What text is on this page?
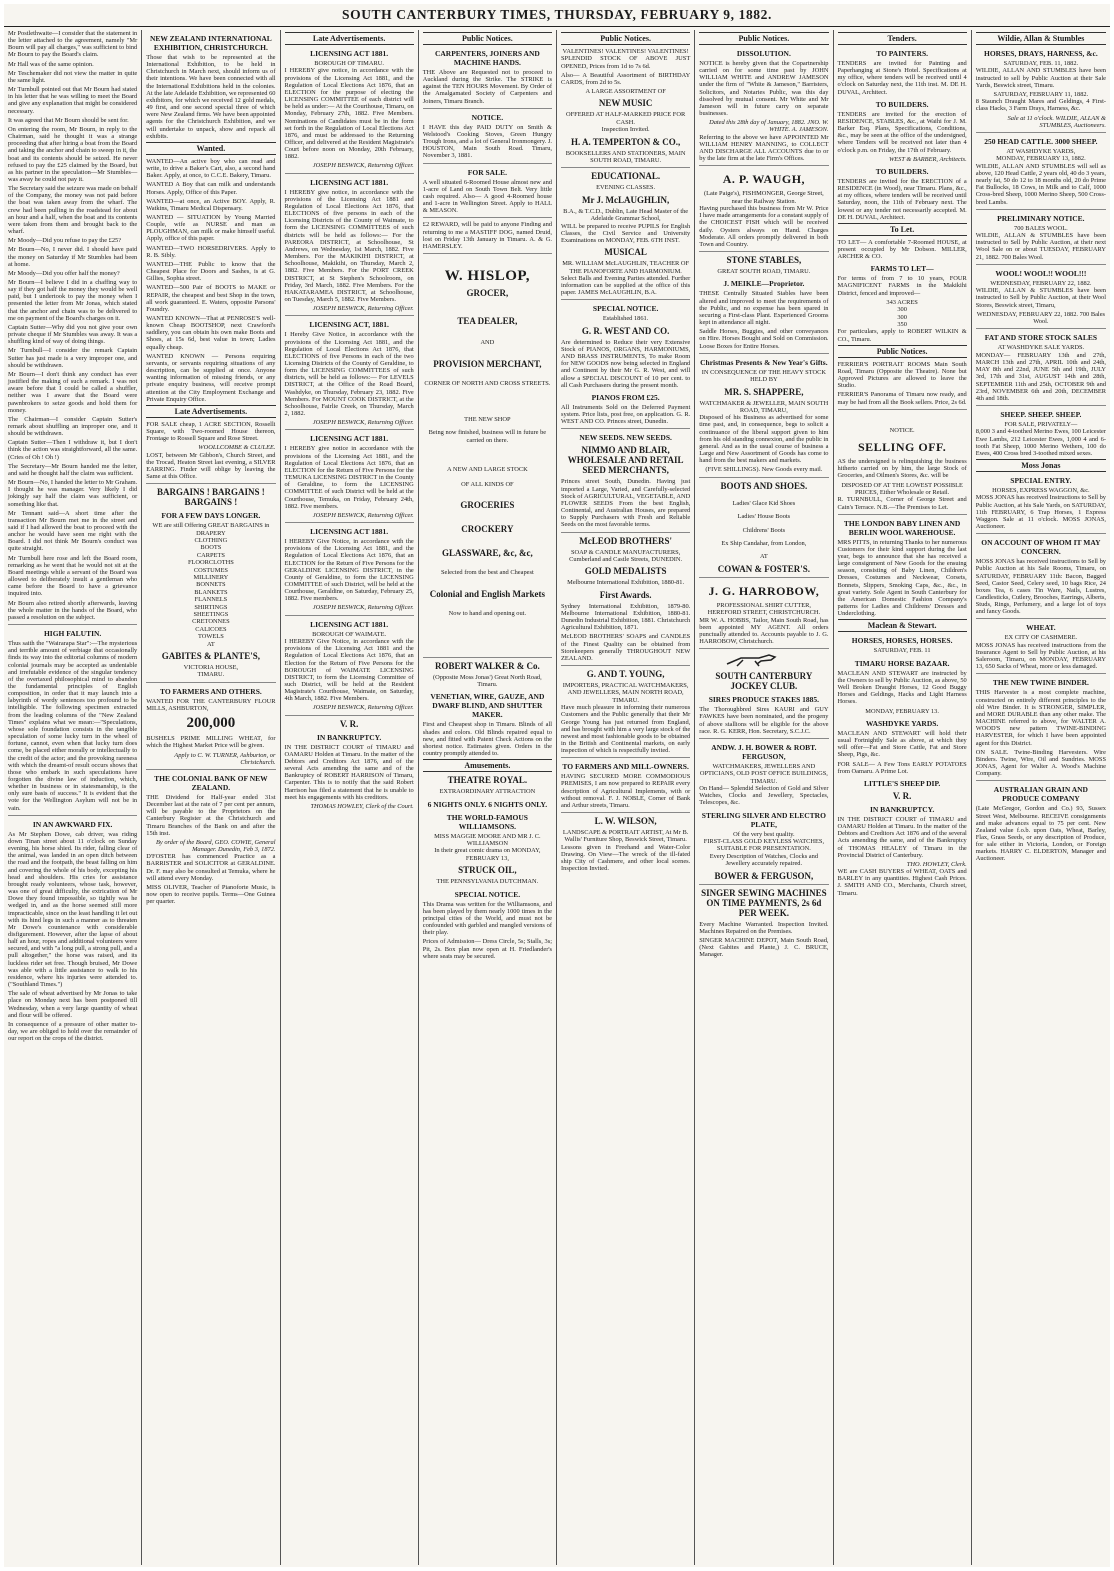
SOUTH CANTERBURY TIMES, THURSDAY, FEBRUARY 9, 1882.

Mr Postlethwaite—I consider that the statement in the letter attached to the agreement, namely "Mr Bourn will pay all charges," was sufficient to bind Mr Bourn to pay the Board's claim.

Mr Hall was of the same opinion.

Mr Teschemaker did not view the matter in quite the same light.

Mr Turnbull pointed out that Mr Bourn had stated in his letter that he was willing to meet the Board and give any explanation that might be considered necessary.

It was agreed that Mr Bourn should be sent for.

On entering the room, Mr Bourn, in reply to the Chairman, said he thought it was a strange proceeding that after hiring a boat from the Board and taking the anchor and chain to sweep in it, the boat and its contents should be seized. He never refused to pay the £25 claimed by the Board, but as his partner in the speculation—Mr Stumbles—was away he could not pay it.

The Secretary said the seizure was made on behalf of the Company, the money was not paid before the boat was taken away from the wharf. The crew had been pulling in the roadstead for about an hour and a half, when the boat and its contents were taken from them and brought back to the wharf.

Mr Moody—Did you refuse to pay the £25?

Mr Bourn—No, I never did. I should have paid the money on Saturday if Mr Stumbles had been at home.

Mr Moody—Did you offer half the money?

Mr Bourn—I believe I did in a chaffing way to say if they got half the money they would be well paid, but I undertook to pay the money when I presented the letter from Mr Jonas, which stated that the anchor and chain was to be delivered to me on payment of the Board's charges on it.

Captain Sutter—Why did you not give your own private cheque if Mr Stumbles was away. It was a shuffling kind of way of doing things.

Mr Turnbull—I consider the remark Captain Sutter has just made is a very improper one, and should be withdrawn.

Mr Bourn—I don't think any conduct has ever justified the making of such a remark. I was not aware before that I could be called a shuffler, neither was I aware that the Board were pawnbrokers to seize goods and hold them for money.

The Chairman—I consider Captain Sutter's remark about shuffling an improper one, and it should be withdrawn.

Captain Sutter—Then I withdraw it, but I don't think the action was straightforward, all the same. (Cries of Oh ! Oh !)

The Secretary—Mr Bourn handed me the letter, and said he thought half the claim was sufficient.

Mr Bourn—No, I handed the letter to Mr Graham. I thought he was manager. Very likely I did jokingly say half the claim was sufficient, or something like that.

Mr Tennant said—A short time after the transaction Mr Bourn met me in the street and said if I had allowed the boat to proceed with the anchor he would have seen me right with the Board. I did not think Mr Bourn's conduct was quite straight.

Mr Turnbull here rose and left the Board room, remarking as he went that he would not sit at the Board meetings while a servant of the Board was allowed to deliberately insult a gentleman who came before the Board to have a grievance inquired into.

Mr Bourn also retired shortly afterwards, leaving the whole matter in the hands of the Board, who passed a resolution on the subject.

HIGH FALUTIN.

Thus saith the "Wairarapa Star":—The mysterious and terrible amount of verbiage that occasionally finds its way into the editorial columns of modern colonial journals may be accepted as undeniable and irrefutable evidence of the singular tendency of the overtaxed philosophical mind to abandon the fundamental principles of English composition, in order that it may launch into a labyrinth of wordy sentences too profound to be intelligible. The following specimen extracted from the leading columns of the "New Zealand Times" explains what we mean:—"Speculations, whose sole foundation consists in the tangible speculation of some lucky turn in the wheel of fortune, cannot, even when that lucky turn does come, be placed either morally or intellectually to the credit of the actor; and the provoking rareness with which the dreamt-of result occurs shows that those who embark in such speculations have forgotten the divine law of induction, which, whether in business or in statesmanship, is the only sure basis of success." It is evident that the vote for the Wellington Asylum will not be in vain.

IN AN AWKWARD FIX.

As Mr Stephen Dowe, cab driver, was riding down Tinan street about 11 o'clock on Sunday evening, his horse shied. Its rider, falling clear of the animal, was landed in an open ditch between the road and the footpath, the beast falling on him and covering the whole of his body, excepting his head and shoulders. His cries for assistance brought ready volunteers, whose task, however, was one of great difficulty, the extrication of Mr Dowe they found impossible, so tightly was he wedged in, and as the horse seemed still more impracticable, since on the least handling it let out with its hind legs in such a manner as to threaten Mr Dowe's countenance with considerable disfigurement. However, after the lapse of about half an hour, ropes and additional volunteers were secured, and with "a long pull, a strong pull, and a pull altogether," the horse was raised, and its luckless rider set free. Though bruised, Mr Dowe was able with a little assistance to walk to his residence, where his injuries were attended to. ("Southland Times.")

The sale of wheat advertised by Mr Jonas to take place on Monday next has been postponed till Wednesday, when a very large quantity of wheat and flour will be offered.

In consequence of a pressure of other matter to-day, we are obliged to hold over the remainder of our report on the crops of the district.

NEW ZEALAND INTERNATIONAL EXHIBITION, CHRISTCHURCH.

Those that wish to be represented at the International Exhibition, to be held in Christchurch in March next, should inform us of their intentions. We have been connected with all the International Exhibitions held in the colonies. At the late Adelaide Exhibition, we represented 60 exhibitors, for which we received 12 gold medals, 49 first, and one second special three of which were New Zealand firms. We have been appointed agents for the Christchurch Exhibition, and we will undertake to unpack, show and repack all exhibits.

Wanted.

WANTED—An active boy who can read and write, to drive a Baker's Cart, also, a second hand Baker. Apply, at once, to C.C.E. Bakery, Timaru.

WANTED A Boy that can milk and understands Horses. Apply, Office of this Paper.

WANTED—at once, an Active BOY. Apply, R. Watkins, Timaru Medical Dispensary.

WANTED — SITUATION by Young Married Couple, wife as NURSE and man as PLOUGHMAN, can milk or make himself useful. Apply, office of this paper.

WANTED—TWO HORSEDRIVERS. Apply to R. B. Sibly.

WANTED—THE Public to know that the Cheapest Place for Doors and Sashes, is at G. Gillies, Sophia street.

WANTED—500 Pair of BOOTS to MAKE or REPAIR, the cheapest and best Shop in the town, all work guaranteed. E. Waters, opposite Parsons' Foundry.

WANTED KNOWN—That at PENROSE'S well-known Cheap BOOTSHOP, next Crawford's saddlery, you can obtain his own make Boots and Shoes, at 15s 6d, best value in town; Ladies equally cheap.

WANTED KNOWN — Persons requiring servants, or servants requiring situations of any description, can be supplied at once. Anyone wanting information of missing friends, or any private enquiry business, will receive prompt attention at the City Employment Exchange and Private Enquiry Office.

Late Advertisements.

FOR SALE cheap, 1 ACRE SECTION, Rosselli Square, with Two-roomed House thereon, Frontage to Rossell Square and Rose Street.

WOOLLCOMBE & CLULEE.

LOST, between Mr Gibbon's, Church Street, and the Trocad, Heaton Street last evening, a SILVER EARRING. Finder will oblige by leaving the Same at this Office.

BARGAINS ! BARGAINS ! BARGAINS !
FOR A FEW DAYS LONGER.
WE are still Offering GREAT BARGAINS in
DRAPERY
CLOTHING
BOOTS
CARPETS
FLOORCLOTHS
COSTUMES
MILLINERY
BONNETS
BLANKETS
FLANNELS
SHIRTINGS
SHEETINGS
CRETONNES
CALICOES
TOWELS
AT
GABITES & PLANTE'S,
VICTORIA HOUSE,
TIMARU.
TO FARMERS AND OTHERS.

WANTED FOR THE CANTERBURY FLOUR MILLS, ASHBURTON,

200,000

BUSHELS PRIME MILLING WHEAT, for which the Highest Market Price will be given.

Apply to C. W. TURNER, Ashburton, or Christchurch.
THE COLONIAL BANK OF NEW ZEALAND.

THE Dividend for Half-year ended 31st December last at the rate of 7 per cent per annum, will be payable to the Proprietors on the Canterbury Register at the Christchurch and Timaru Branches of the Bank on and after the 15th inst.

By order of the Board, GEO. COWIE, General Manager. Dunedin, Feb 3, 1872.

D'FOSTER has commenced Practice as a BARRISTER and SOLICITOR at GERALDINE. Dr. F. may also be consulted at Temuka, where he will attend every Monday.

MISS OLIVER, Teacher of Pianoforte Music, is now open to receive pupils. Terms—One Guinea per quarter.

Late Advertisements.
LICENSING ACT 1881.
BOROUGH OF TIMARU.

I HEREBY give notice, in accordance with the provisions of the Licensing Act 1881, and the Regulation of Local Elections Act 1876, that an ELECTION for the purpose of electing the LICENSING COMMITTEE of each district will be held as under:— At the Courthouse, Timaru, on Monday, February 27th, 1882. Five Members. Nominations of Candidates must be in the form set forth in the Regulation of Local Elections Act 1876, and must be addressed to the Returning Officer, and delivered at the Resident Magistrate's Court before noon on Monday, 20th February, 1882.

JOSEPH BESWICK, Returning Officer.
LICENSING ACT 1881.

I HEREBY give notice, in accordance with the provisions of the Licensing Act 1881 and Regulation of Local Elections Act 1876, that ELECTIONS of five persons in each of the Licensing Districts of the County of Waimate, to form the LICENSING COMMITTEES of such districts will be held as follows:— For the PAREORA DISTRICT, at Schoolhouse, St Andrews, on Wednesday, 1st March, 1882. Five Members. For the MAKIKIHI DISTRICT, at Schoolhouse, Makikihi, on Thursday, March 2, 1882. Five Members. For the PORT CREEK DISTRICT, at St Stephen's Schoolroom, on Friday, 3rd March, 1882. Five Members. For the HAKATARAMEA DISTRICT, at Schoolhouse, on Tuesday, March 5, 1882. Five Members.

JOSEPH BESWICK, Returning Officer.
LICENSING ACT, 1881.

I Hereby Give Notice, in accordance with the provisions of the Licensing Act 1881, and the Regulation of Local Elections Act 1876, that ELECTIONS of five Persons in each of the two Licensing Districts of the County of Geraldine, to form the LICENSING COMMITTEES of such districts, will be held as follows:— For LEVELS DISTRICT, at the Office of the Road Board, Washdyke, on Thursday, February 23, 1882. Five Members. For MOUNT COOK DISTRICT, at the Schoolhouse, Fairlie Creek, on Thursday, March 2, 1882.

JOSEPH BESWICK, Returning Officer.
LICENSING ACT 1881.

I HEREBY give notice in accordance with the provisions of the Licensing Act 1881, and the Regulation of Local Elections Act 1876, that an ELECTION for the Return of Five Persons for the TEMUKA LICENSING DISTRICT in the County of Geraldine, to form the LICENSING COMMITTEE of such District will be held at the Courthouse, Temuka, on Friday, February 24th, 1882. Five members.

JOSEPH BESWICK, Returning Officer.
LICENSING ACT 1881.

I HEREBY Give Notice, in accordance with the provisions of the Licensing Act 1881, and the Regulation of Local Elections Act 1876, that an ELECTION for the Return of Five Persons for the GERALDINE LICENSING DISTRICT, in the County of Geraldine, to form the LICENSING COMMITTEE of such District, will be held at the Courthouse, Geraldine, on Saturday, February 25, 1882. Five members.

JOSEPH BESWICK, Returning Officer.
LICENSING ACT 1881.
BOROUGH OF WAIMATE.

I HEREBY Give Notice, in accordance with the provisions of the Licensing Act 1881 and the Regulation of Local Elections Act 1876, that an Election for the Return of Five Persons for the BOROUGH of WAIMATE LICENSING DISTRICT, to form the Licensing Committee of such District, will be held at the Resident Magistrate's Courthouse, Waimate, on Saturday, 4th March, 1882. Five Members.

JOSEPH BESWICK, Returning Officer.
V. R.
IN BANKRUPTCY.

IN THE DISTRICT COURT of TIMARU and OAMARU Holden at Timaru. In the matter of the Debtors and Creditors Act 1876, and of the several Acts amending the same and of the Bankruptcy of ROBERT HARRISON of Timaru, Carpenter. This is to notify that the said Robert Harrison has filed a statement that he is unable to meet his engagements with his creditors.

THOMAS HOWLEY, Clerk of the Court.
Public Notices.
CARPENTERS, JOINERS AND MACHINE HANDS.

THE Above are Requested not to proceed to Auckland during the Strike. The STRIKE is against the TEN HOURS Movement. By Order of the Amalgamated Society of Carpenters and Joiners, Timaru Branch.

NOTICE.

I HAVE this day PAID DUTY on Smith & Welstood's Cooking Stoves, Green Hungry Trough Irons, and a lot of General Ironmongery. J. HOUSTON, Main South Road. Timaru, November 3, 1881.

FOR SALE.

A well situated 6-Roomed House almost new and 1-acre of Land on South Town Belt. Very little cash required. Also— A good 4-Roomed house and 1-acre in Wellington Street. Apply to HALL & MEASON.

£2 REWARD, will be paid to anyone Finding and returning to me a MASTIFF DOG, named Druid, lost on Friday 13th January in Timaru. A. & G. HAMERSLEY.

W. HISLOP,
GROCER,
TEA DEALER,
AND
PROVISION MERCHANT,
CORNER OF NORTH AND CROSS STREETS.
THE NEW SHOP
Being now finished, business will in future be carried on there.
A NEW AND LARGE STOCK
OF ALL KINDS OF
GROCERIES
CROCKERY
GLASSWARE, &c, &c,
Selected from the best and Cheapest
Colonial and English Markets
Now to hand and opening out.
ROBERT WALKER & Co.
(Opposite Moss Jonas') Great North Road, Timaru.
VENETIAN, WIRE, GAUZE, AND DWARF BLIND, AND SHUTTER MAKER.

First and Cheapest shop in Timaru. Blinds of all shades and colors. Old Blinds repaired equal to new, and fitted with Patent Check Actions on the shortest notice. Estimates given. Orders in the country promptly attended to.

Amusements.
THEATRE ROYAL.
EXTRAORDINARY ATTRACTION
6 NIGHTS ONLY. 6 NIGHTS ONLY.
THE WORLD-FAMOUS WILLIAMSONS.
MISS MAGGIE MOORE AND MR J. C. WILLIAMSON
In their great comic drama on MONDAY, FEBRUARY 13,
STRUCK OIL,
THE PENNSYLVANIA DUTCHMAN.
SPECIAL NOTICE.

This Drama was written for the Williamsons, and has been played by them nearly 1000 times in the principal cities of the World, and must not be confounded with garbled and mangled versions of their play.

Prices of Admission— Dress Circle, 5s; Stalls, 3s; Pit, 2s. Box plan now open at H. Friedlander's where seats may be secured.

Public Notices.
VALENTINES! VALENTINES! VALENTINES!

SPLENDID STOCK OF ABOVE JUST OPENED, Prices from 1d to 7s 6d.

Also— A Beautiful Assortment of BIRTHDAY CARDS, from 2d to 5s.

A LARGE ASSORTMENT OF
NEW MUSIC
OFFERED AT HALF-MARKED PRICE FOR CASH.
Inspection Invited.
H. A. TEMPERTON & CO.,
BOOKSELLERS AND STATIONERS, MAIN SOUTH ROAD, TIMARU.
EDUCATIONAL.
EVENING CLASSES.
Mr J. McLAUGHLIN,
B.A., & T.C.D., Dublin, Late Head Master of the Adelaide Grammar School,

WILL be prepared to receive PUPILS for English Classes, the Civil Service and University Examinations on MONDAY, FEB. 6TH INST.

MUSICAL
MR. WILLIAM McLAUGHLIN, TEACHER OF THE PIANOFORTE AND HARMONIUM.

Select Balls and Evening Parties attended. Further information can be supplied at the office of this paper. JAMES McLAUGHLIN, B.A.

SPECIAL NOTICE.
Established 1861.
G. R. WEST AND CO.

Are determined to Reduce their very Extensive Stock of PIANOS, ORGANS, HARMONIUMS, AND BRASS INSTRUMENTS, To make Room for NEW GOODS now being selected in England and Continent by their Mr G. R. West, and will allow a SPECIAL DISCOUNT of 10 per cent. to all Cash Purchasers during the present month.

PIANOS FROM £25.

All Instruments Sold on the Deferred Payment system. Price lists, post free, on application. G. R. WEST AND CO. Princes street, Dunedin.

NEW SEEDS. NEW SEEDS.
NIMMO AND BLAIR, WHOLESALE AND RETAIL SEED MERCHANTS,

Princes street South, Dunedin. Having just imported a Large, Varied, and Carefully-selected Stock of AGRICULTURAL, VEGETABLE, AND FLOWER SEEDS From the best English, Continental, and Australian Houses, are prepared to Supply Purchasers with Fresh and Reliable Seeds on the most favorable terms.

McLEOD BROTHERS'
SOAP & CANDLE MANUFACTURERS, Cumberland and Castle Streets, DUNEDIN.
GOLD MEDALISTS
Melbourne International Exhibition, 1880-81.
First Awards.

Sydney International Exhibition, 1879-80. Melbourne International Exhibition, 1880-81. Dunedin Industrial Exhibition, 1881. Christchurch Agricultural Exhibition, 1871.

McLEOD BROTHERS' SOAPS and CANDLES of the Finest Quality can be obtained from Storekeepers generally THROUGHOUT NEW ZEALAND.

G. AND T. YOUNG,
IMPORTERS, PRACTICAL WATCHMAKERS, AND JEWELLERS, MAIN NORTH ROAD, TIMARU.

Have much pleasure in informing their numerous Customers and the Public generally that their Mr George Young has just returned from England, and has brought with him a very large stock of the newest and most fashionable goods to be obtained in the British and Continental markets, on early inspection of which is respectfully invited.

TO FARMERS AND MILL-OWNERS.

HAVING SECURED MORE COMMODIOUS PREMISES, I am now prepared to REPAIR every description of Agricultural Implements, with or without removal. F. J. NOBLE, Corner of Bank and Arthur streets, Timaru.

L. W. WILSON,
LANDSCAPE & PORTRAIT ARTIST, At Mr B. Wallis' Furniture Shop, Beswick Street, Timaru.

Lessons given in Freehand and Water-Color Drawing. On View—The wreck of the ill-fated ship City of Cashmere, and other local scenes. Inspection Invited.

Public Notices.
DISSOLUTION.

NOTICE is hereby given that the Copartnership carried on for some time past by JOHN WILLIAM WHITE and ANDREW JAMESON under the firm of "White & Jameson," Barristers, Solicitors, and Notaries Public, was this day dissolved by mutual consent. Mr White and Mr Jameson will in future carry on separate businesses.

Dated this 28th day of January, 1882. JNO. W. WHITE. A. JAMESON.

Referring to the above we have APPOINTED Mr WILLIAM HENRY MANNING, to COLLECT AND DISCHARGE ALL ACCOUNTS due to or by the late firm at the late Firm's Offices.

A. P. WAUGH,
(Late Paige's), FISHMONGER, George Street, near the Railway Station.

Having purchased this business from Mr W. Price I have made arrangements for a constant supply of the CHOICEST FISH which will be received daily. Oysters always on Hand. Charges Moderate. All orders promptly delivered in both Town and Country.

STONE STABLES,
GREAT SOUTH ROAD, TIMARU.
J. MEIKLE—Proprietor.

THESE Centrally Situated Stables have been altered and improved to meet the requirements of the Public, and no expense has been spared in securing a First-class Plant. Experienced Grooms kept in attendance all night.

Saddle Horses, Buggies, and other conveyances on Hire. Horses Bought and Sold on Commission. Loose Boxes for Entire Horses.

Christmas Presents & New Year's Gifts.
IN CONSEQUENCE OF THE HEAVY STOCK HELD BY
MR. S. SHAPPERE,
WATCHMAKER & JEWELLER, MAIN SOUTH ROAD, TIMARU,

Disposed of his Business as advertised for some time past, and, in consequence, begs to solicit a continuance of the liberal support given to him from his old standing connexion, and the public in general. And as in the usual course of business a Large and New Assortment of Goods has come to hand from the best makers and markets.

(FIVE SHILLINGS). New Goods every mail.
BOOTS AND SHOES.
Ladies' Glace Kid Shoes
Ladies' House Boots
Childrens' Boots
Ex Ship Candahar, from London,
AT
COWAN & FOSTER'S.
J. G. HARROBOW,
PROFESSIONAL SHIRT CUTTER, HEREFORD STREET, CHRISTCHURCH.

MR W. A. HOBBS, Tailor, Main South Road, has been appointed MY AGENT. All orders punctually attended to. Accounts payable to J. G. HARROBOW, Christchurch.

SOUTH CANTERBURY JOCKEY CLUB.
SIRES PRODUCE STAKES 1885.

The Thoroughbred Sires KAURI and GUY FAWKES have been nominated, and the progeny of above stallions will be eligible for the above race. R. G. KERR, Hon. Secretary, S.C.J.C.

ANDW. J. H. BOWER & ROBT. FERGUSON,
WATCHMAKERS, JEWELLERS AND OPTICIANS, OLD POST OFFICE BUILDINGS, TIMARU.

On Hand— Splendid Selection of Gold and Silver Watches, Clocks and Jewellery, Spectacles, Telescopes, &c.

STERLING SILVER AND ELECTRO PLATE,
Of the very best quality.
FIRST-CLASS GOLD KEYLESS WATCHES, SUITABLE FOR PRESENTATION.
Every Description of Watches, Clocks and Jewellery accurately repaired.
BOWER & FERGUSON,
SINGER SEWING MACHINES ON TIME PAYMENTS, 2s 6d PER WEEK.

Every Machine Warranted. Inspection Invited. Machines Repaired on the Premises.

SINGER MACHINE DEPOT, Main South Road, (Next Gabites and Plante,) J. C. BRUCE, Manager.

Tenders.
TO PAINTERS.

TENDERS are invited for Painting and Paperhanging at Stone's Hotel. Specifications at my office, where tenders will be received until 4 o'clock on Saturday next, the 11th inst. M. DE H. DUVAL, Architect.

TO BUILDERS.

TENDERS are invited for the erection of RESIDENCE, STABLES, &c., at Waihi for J. M. Barker Esq. Plans, Specifications, Conditions, &c., may be seen at the office of the undersigned, where Tenders will be received not later than 4 o'clock p.m. on Friday, the 17th of February.

WEST & BARBER, Architects.
TO BUILDERS.

TENDERS are invited for the ERECTION of a RESIDENCE (in Wood), near Timaru. Plans, &c., at my offices, where tenders will be received until Saturday, noon, the 11th of February next. The lowest or any tender not necessarily accepted. M. DE H. DUVAL, Architect.

To Let.

TO LET— A comfortable 7-Roomed HOUSE, at present occupied by Mr Dobson. MILLER, ARCHER & CO.

FARMS TO LET—

For terms of from 7 to 10 years, FOUR MAGNIFICENT FARMS in the Makikihi District, fenced and improved—

343 ACRES
300
300
350

For particulars, apply to ROBERT WILKIN & CO., Timaru.

Public Notices.

FERRIER'S PORTRAIT ROOMS Main South Road, Timaru (Opposite the Theatre). None but Approved Pictures are allowed to leave the Studio.

FERRIER'S Panorama of Timaru now ready, and may be had from all the Book sellers. Price, 2s 6d.

NOTICE.
SELLING OFF.

AS the undersigned is relinquishing the business hitherto carried on by him, the large Stock of Groceries, and Oilmen's Stores, &c. will be

DISPOSED OF AT THE LOWEST POSSIBLE PRICES, Either Wholesale or Retail.

R. TURNBULL, Corner of George Street and Cain's Terrace. N.B.—The Premises to Let.

THE LONDON BABY LINEN AND BERLIN WOOL WAREHOUSE.

MRS PITTS, in returning Thanks to her numerous Customers for their kind support during the last year, begs to announce that she has received a large consignment of New Goods for the ensuing season, consisting of Baby Linen, Children's Dresses, Costumes and Neckwear, Corsets, Bonnets, Slippers, Smoking Caps, &c., &c., in great variety. Sole Agent in South Canterbury for the American Domestic Fashion Company's patterns for Ladies and Childrens' Dresses and Underclothing.

Maclean & Stewart.
HORSES, HORSES, HORSES.
SATURDAY, FEB. 11
TIMARU HORSE BAZAAR.

MACLEAN AND STEWART are instructed by the Owners to sell by Public Auction, as above, 50 Well Broken Draught Horses, 12 Good Buggy Horses and Geldings, Hacks and Light Harness Horses.

MONDAY, FEBRUARY 13.
WASHDYKE YARDS.

MACLEAN AND STEWART will hold their usual Fortnightly Sale as above, at which they will offer—Fat and Store Cattle, Fat and Store Sheep, Pigs, &c.

FOR SALE— A Few Tons EARLY POTATOES from Oamaru. A Prime Lot.

LITTLE'S SHEEP DIP.
V. R.
IN BANKRUPTCY.

IN THE DISTRICT COURT of TIMARU and OAMARU Holden at Timaru. In the matter of the Debtors and Creditors Act 1876 and of the several Acts amending the same, and of the Bankruptcy of THOMAS HEALEY of Timaru in the Provincial District of Canterbury.

THO. HOWLEY, Clerk.

WE are CASH BUYERS of WHEAT, OATS and BARLEY in any quantities. Highest Cash Prices. J. SMITH AND CO., Merchants, Church street, Timaru.

Wildie, Allan & Stumbles
HORSES, DRAYS, HARNESS, &c.
SATURDAY, FEB. 11, 1882.

WILDIE, ALLAN AND STUMBLES have been instructed to sell by Public Auction at their Sale Yards, Beswick street, Timaru.

SATURDAY, FEBRUARY 11, 1882.

8 Staunch Draught Mares and Geldings, 4 First-class Hacks, 3 Farm Drays, Harness, &c.

Sale at 11 o'clock. WILDIE, ALLAN & STUMBLES, Auctioneers.
250 HEAD CATTLE. 3000 SHEEP.
AT WASHDYKE YARDS,
MONDAY, FEBRUARY 13, 1882.

WILDIE, ALLAN AND STUMBLES will sell as above, 120 Head Cattle, 2 years old, 40 do 3 years, nearly fat, 50 do 12 to 18 months old, 20 do Prime Fat Bullocks, 18 Cows, in Milk and to Calf, 1000 Cross-bred Sheep, 1000 Merino Sheep, 500 Cross-bred Lambs.

PRELIMINARY NOTICE.
700 BALES WOOL.

WILDIE, ALLAN & STUMBLES have been instructed to Sell by Public Auction, at their next Wool Sale on or about TUESDAY, FEBRUARY 21, 1882. 700 Bales Wool.

WOOL! WOOL!! WOOL!!!
WEDNESDAY, FEBRUARY 22, 1882.

WILDIE, ALLAN & STUMBLES have been instructed to Sell by Public Auction, at their Wool Stores, Beswick street, Timaru,

WEDNESDAY, FEBRUARY 22, 1882. 700 Bales Wool.
FAT AND STORE STOCK SALES
AT WASHDYKE SALE YARDS.

MONDAY— FEBRUARY 13th and 27th, MARCH 13th and 27th, APRIL 10th and 24th, MAY 8th and 22nd, JUNE 5th and 19th, JULY 3rd, 17th and 31st, AUGUST 14th and 28th, SEPTEMBER 11th and 25th, OCTOBER 9th and 23rd, NOVEMBER 6th and 20th, DECEMBER 4th and 18th.

SHEEP. SHEEP. SHEEP.
FOR SALE, PRIVATELY—

8,000 3 and 4-toothed Merino Ewes, 100 Leicester Ewe Lambs, 212 Leicester Ewes, 1,000 4 and 6-tooth Fat Sheep, 1000 Merino Wethers, 100 do Ewes, 400 Cross bred 3-toothed mixed sexes.

Moss Jonas
SPECIAL ENTRY.
HORSES, EXPRESS WAGGON, &c.

MOSS JONAS has received Instructions to Sell by Public Auction, at his Sale Yards, on SATURDAY, 11th FEBRUARY, 6 Trap Horses, 1 Express Waggon. Sale at 11 o'clock. MOSS JONAS, Auctioneer.

ON ACCOUNT OF WHOM IT MAY CONCERN.

MOSS JONAS has received instructions to Sell by Public Auction at his Sale Rooms, Timaru, on SATURDAY, FEBRUARY 11th: Bacon, Bagged Seed, Castor Seed, Celery seed, 10 bags Rice, 24 boxes Tea, 6 cases Tin Ware, Nails, Lustres, Candlesticks, Cutlery, Brooches, Earrings, Alberts, Studs, Rings, Perfumery, and a large lot of toys and fancy Goods.

WHEAT.
EX CITY OF CASHMERE.

MOSS JONAS has received instructions from the Insurance Agent to Sell by Public Auction, at his Saleroom, Timaru, on MONDAY, FEBRUARY 13, 650 Sacks of Wheat, more or less damaged.

THE NEW TWINE BINDER.

THIS Harvester is a most complete machine, constructed on entirely different principles to the old Wire Binder. It is STRONGER, SIMPLER, and MORE DURABLE than any other make. The MACHINE referred to above, for WALTER A. WOOD'S new pattern TWINE-BINDING HARVESTER, for which I have been appointed agent for this District.

ON SALE. Twine-Binding Harvesters. Wire Binders. Twine, Wire, Oil and Sundries. MOSS JONAS, Agent for Walter A. Wood's Machine Company.

AUSTRALIAN GRAIN AND PRODUCE COMPANY

(Late McGregor, Gordon and Co.) 93, Sussex Street West, Melbourne. RECEIVE consignments and make advances equal to 75 per cent. New Zealand value f.o.b. upon Oats, Wheat, Barley, Flax, Grass Seeds, or any description of Produce, for sale either in Victoria, London, or Foreign markets. HARRY C. ELDERTON, Manager and Auctioneer.
